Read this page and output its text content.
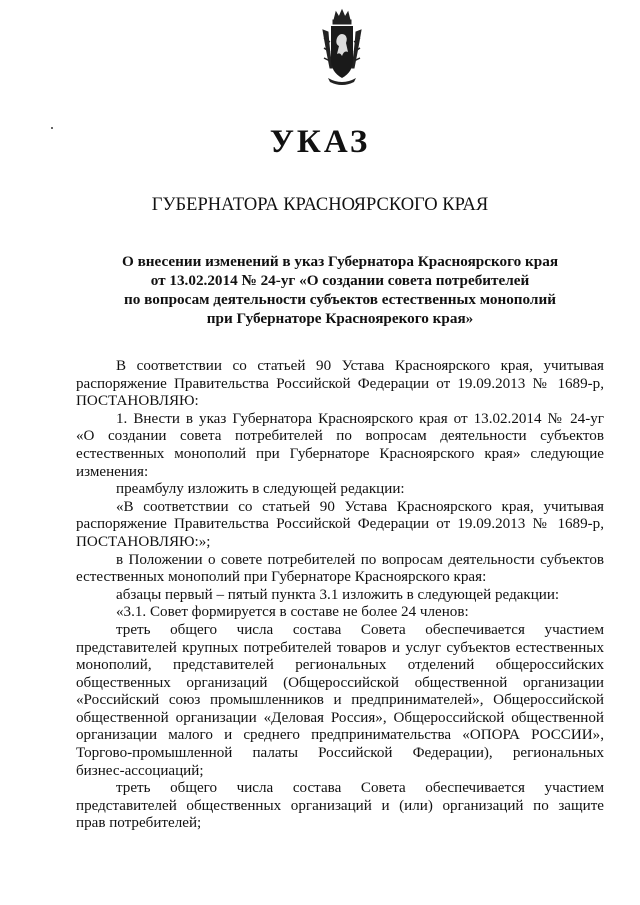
УКАЗ
ГУБЕРНАТОРА КРАСНОЯРСКОГО КРАЯ
О внесении изменений в указ Губернатора Красноярского края
от 13.02.2014 № 24-уг «О создании совета потребителей
по вопросам деятельности субъектов естественных монополий
при Губернаторе Красноярекого края»
В соответствии со статьей 90 Устава Красноярского края, учитывая
распоряжение Правительства Российской Федерации от 19.09.2013 № 1689-р,
ПОСТАНОВЛЯЮ:
1. Внести в указ Губернатора Красноярского края от 13.02.2014 № 24-уг
«О создании совета потребителей по вопросам деятельности субъектов
естественных монополий при Губернаторе Красноярского края» следующие
изменения:
преамбулу изложить в следующей редакции:
«В соответствии со статьей 90 Устава Красноярского края, учитывая
распоряжение Правительства Российской Федерации от 19.09.2013 № 1689-р,
ПОСТАНОВЛЯЮ:»;
в Положении о совете потребителей по вопросам деятельности субъектов
естественных монополий при Губернаторе Красноярского края:
абзацы первый – пятый пункта 3.1 изложить в следующей редакции:
«3.1. Совет формируется в составе не более 24 членов:
треть общего числа состава Совета обеспечивается участием
представителей крупных потребителей товаров и услуг субъектов естественных
монополий, представителей региональных отделений общероссийских
общественных организаций (Общероссийской общественной организации
«Российский союз промышленников и предпринимателей», Общероссийской
общественной организации «Деловая Россия», Общероссийской общественной
организации малого и среднего предпринимательства «ОПОРА РОССИИ»,
Торгово-промышленной палаты Российской Федерации), региональных
бизнес-ассоциаций;
треть общего числа состава Совета обеспечивается участием
представителей общественных организаций и (или) организаций по защите
прав потребителей;
